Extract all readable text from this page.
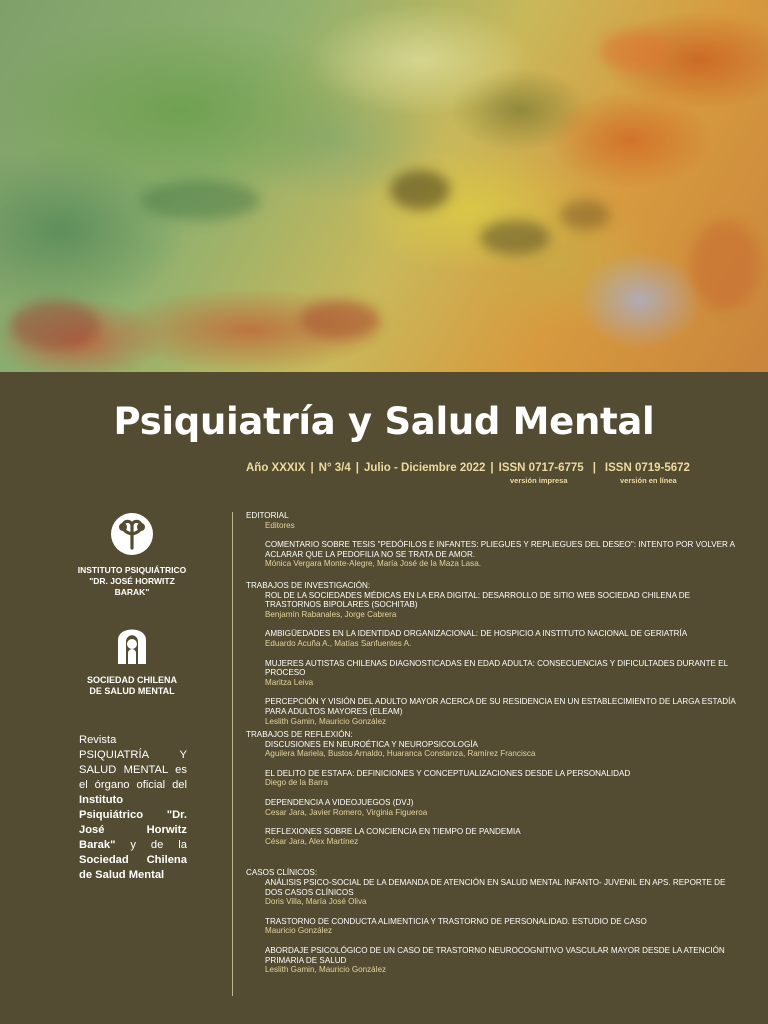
Psiquiatría y Salud Mental
Año XXXIX | N° 3/4 | Julio - Diciembre 2022 | ISSN 0717-6775 | ISSN 0719-5672
versión impresa	versión en línea
INSTITUTO PSIQUIÁTRICO
"DR. JOSÉ HORWITZ BARAK"
SOCIEDAD CHILENA
DE SALUD MENTAL
Revista PSIQUIATRÍA Y SALUD MENTAL es el órgano oficial del Instituto Psiquiátrico "Dr. José Horwitz Barak" y de la Sociedad Chilena de Salud Mental
EDITORIAL
Editores
COMENTARIO SOBRE TESIS "PEDÓFILOS E INFANTES: PLIEGUES Y REPLIEGUES DEL DESEO": INTENTO POR VOLVER A ACLARAR QUE LA PEDOFILIA NO SE TRATA DE AMOR.
Mónica Vergara Monte-Alegre, María José de la Maza Lasa.
TRABAJOS DE INVESTIGACIÓN:
ROL DE LA SOCIEDADES MÉDICAS EN LA ERA DIGITAL: DESARROLLO DE SITIO WEB SOCIEDAD CHILENA DE TRASTORNOS BIPOLARES (SOCHITAB)
Benjamín Rabanales, Jorge Cabrera
AMBIGÜEDADES EN LA IDENTIDAD ORGANIZACIONAL: DE HOSPICIO A INSTITUTO NACIONAL DE GERIATRÍA
Eduardo Acuña A., Matías Sanfuentes A.
MUJERES AUTISTAS CHILENAS DIAGNOSTICADAS EN EDAD ADULTA: CONSECUENCIAS Y DIFICULTADES DURANTE EL PROCESO
Maritza Leiva
PERCEPCIÓN Y VISIÓN DEL ADULTO MAYOR ACERCA DE SU RESIDENCIA EN UN ESTABLECIMIENTO DE LARGA ESTADÍA PARA ADULTOS MAYORES (ELEAM)
Leslith Gamin, Mauricio González
TRABAJOS DE REFLEXIÓN:
DISCUSIONES EN NEUROÉTICA Y NEUROPSICOLOGÍA
Aguilera Mariela, Bustos Arnaldo, Huaranca Constanza, Ramírez Francisca
EL DELITO DE ESTAFA: DEFINICIONES Y CONCEPTUALIZACIONES DESDE LA PERSONALIDAD
Diego de la Barra
DEPENDENCIA A VIDEOJUEGOS (DVJ)
Cesar Jara, Javier Romero, Virginia Figueroa
REFLEXIONES SOBRE LA CONCIENCIA EN TIEMPO DE PANDEMIA
César Jara, Alex Martínez
CASOS CLÍNICOS:
ANÁLISIS PSICO-SOCIAL DE LA DEMANDA DE ATENCIÓN EN SALUD MENTAL INFANTO- JUVENIL EN APS. REPORTE DE DOS CASOS CLÍNICOS
Doris Villa, María José Oliva
TRASTORNO DE CONDUCTA ALIMENTICIA Y TRASTORNO DE PERSONALIDAD. ESTUDIO DE CASO
Mauricio González
ABORDAJE PSICOLÓGICO DE UN CASO DE TRASTORNO NEUROCOGNITIVO VASCULAR MAYOR DESDE LA ATENCIÓN PRIMARIA DE SALUD
Leslith Gamin, Mauricio González
